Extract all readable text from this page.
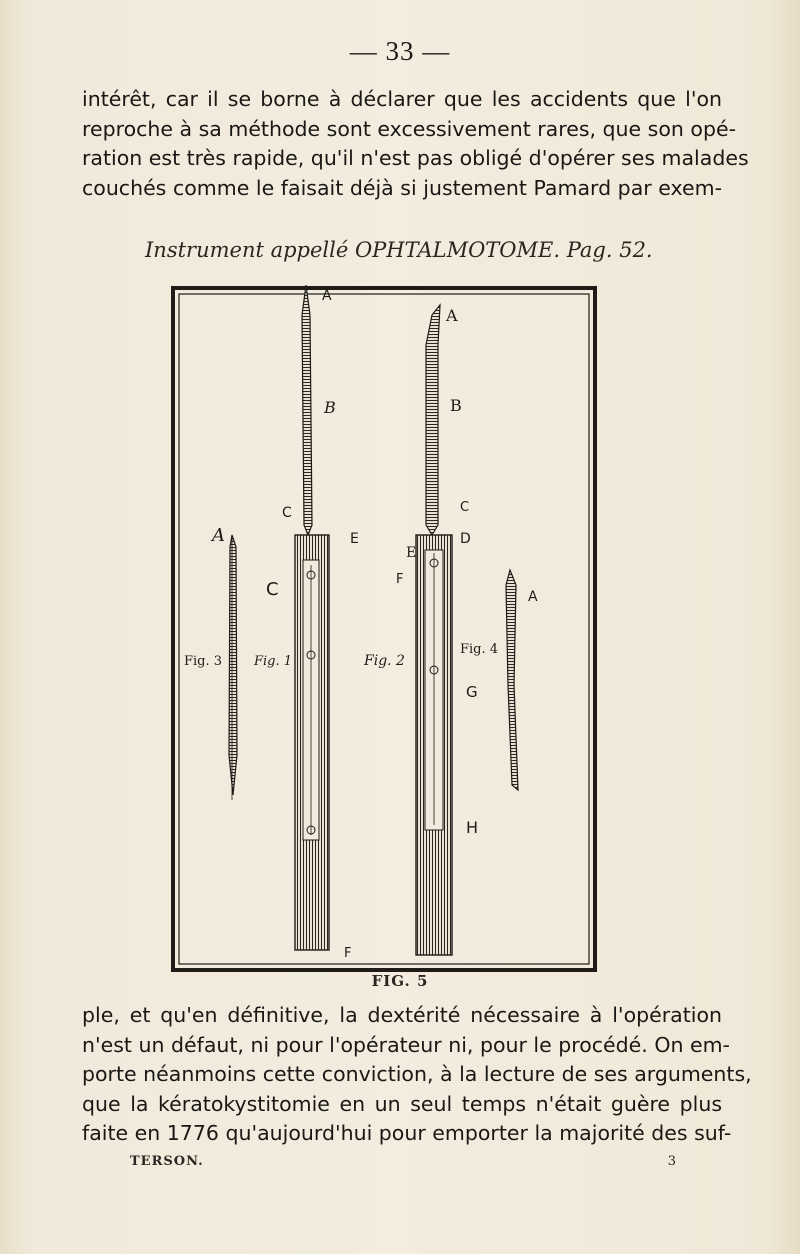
— 33 —
intérêt, car il se borne à déclarer que les accidents que l'on
reproche à sa méthode sont excessivement rares, que son opé-
ration est très rapide, qu'il n'est pas obligé d'opérer ses malades
couchés comme le faisait déjà si justement Pamard par exem-
Instrument appellé OPHTALMOTOME. Pag. 52.
A
A
A
A
B	B
C
C
C
D
E
E
F
F
G
H
Fig. 3 Fig. 1	Fig. 2
Fig. 4
FIG. 5
ple, et qu'en définitive, la dextérité nécessaire à l'opération
n'est un défaut, ni pour l'opérateur ni, pour le procédé. On em-
porte néanmoins cette conviction, à la lecture de ses arguments,
que la kératokystitomie en un seul temps n'était guère plus
faite en 1776 qu'aujourd'hui pour emporter la majorité des suf-
TERSON.	3
